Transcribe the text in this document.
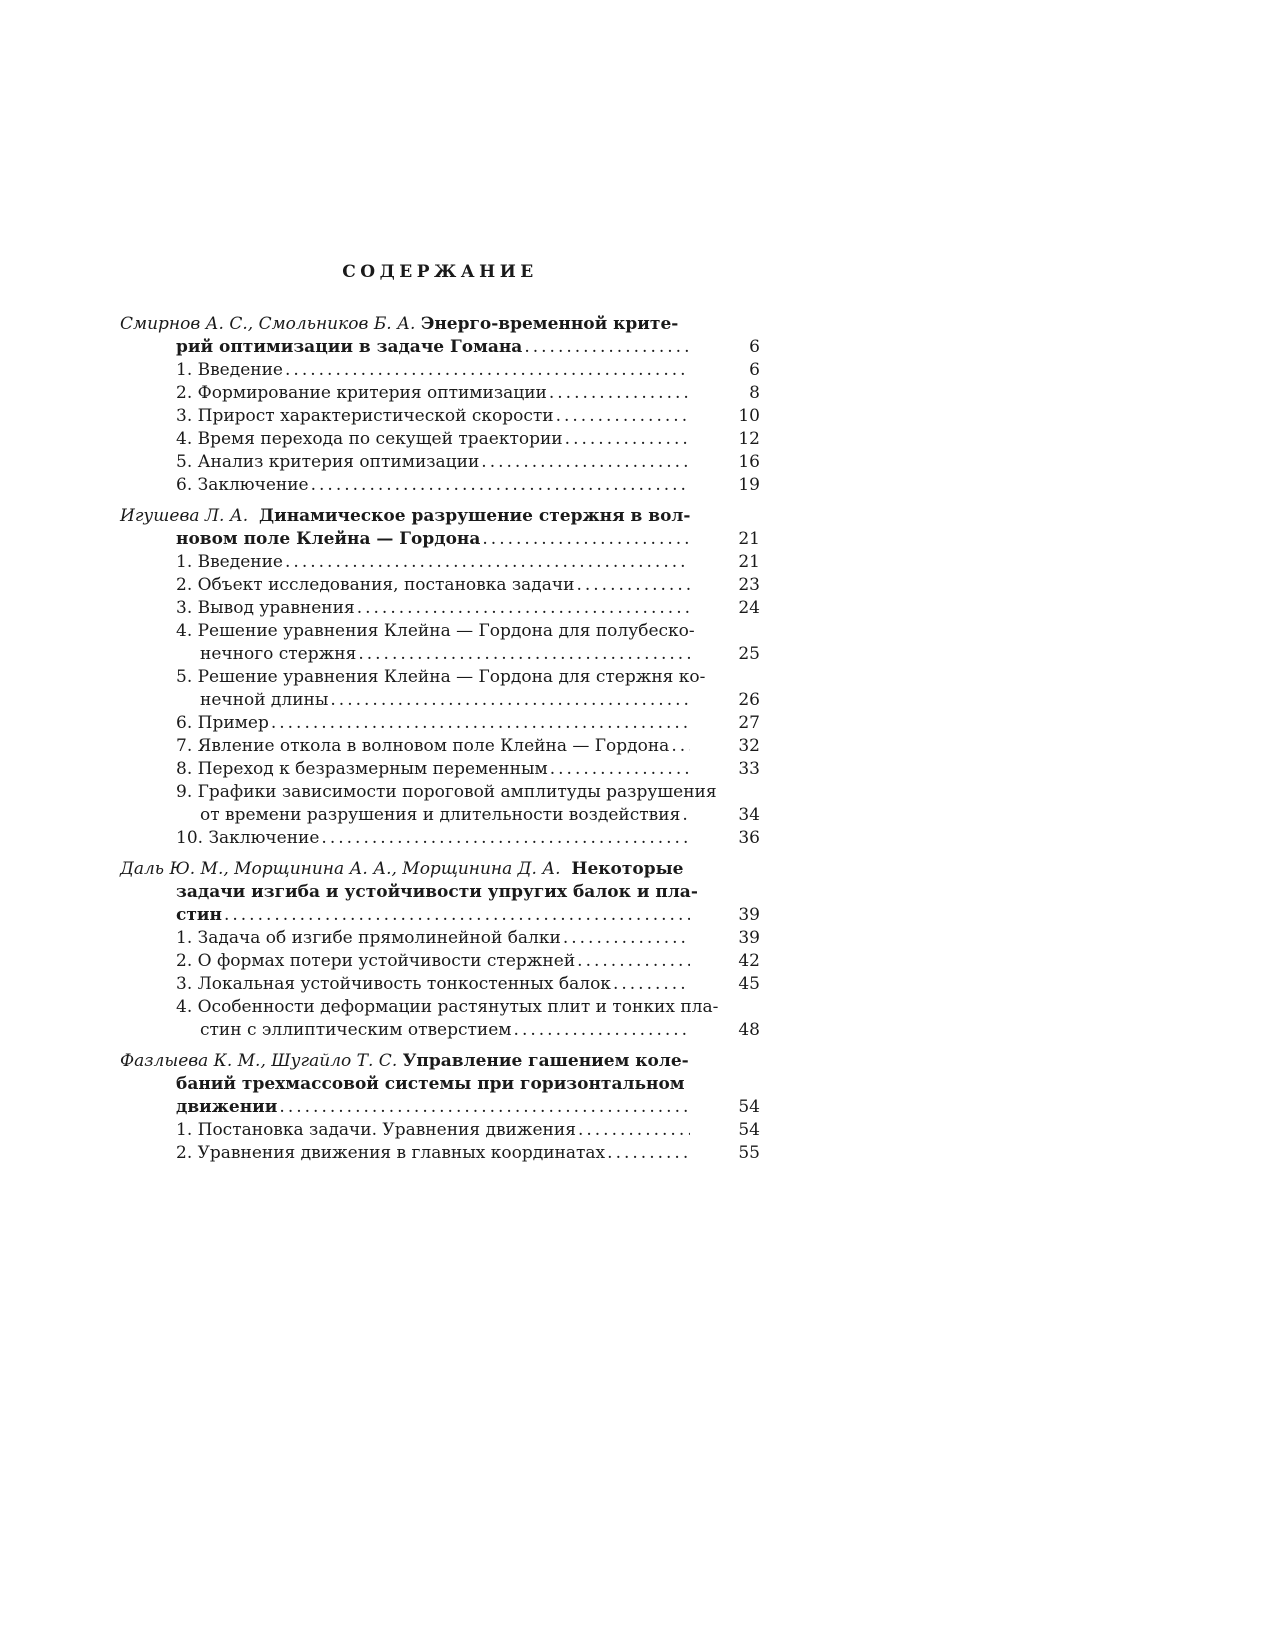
СОДЕРЖАНИЕ
Смирнов А. С., Смольников Б. А. Энерго-временной крите-
рий оптимизации в задаче Гомана . . .	6
1. Введение . . .	6
2. Формирование критерия оптимизации . . .	8
3. Прирост характеристической скорости . . .	10
4. Время перехода по секущей траектории . . .	12
5. Анализ критерия оптимизации . . .	16
6. Заключение . . .	19
Игушева Л. А. Динамическое разрушение стержня в вол-
новом поле Клейна — Гордона . . .	21
1. Введение . . .	21
2. Объект исследования, постановка задачи . . .	23
3. Вывод уравнения . . .	24
4. Решение уравнения Клейна — Гордона для полубеско-
нечного стержня . . .	25
5. Решение уравнения Клейна — Гордона для стержня ко-
нечной длины . . .	26
6. Пример . . .	27
7. Явление откола в волновом поле Клейна — Гордона . . .	32
8. Переход к безразмерным переменным . . .	33
9. Графики зависимости пороговой амплитуды разрушения
от времени разрушения и длительности воздействия . . .	34
10. Заключение . . .	36
Даль Ю. М., Морщинина А. А., Морщинина Д. А. Некоторые
задачи изгиба и устойчивости упругих балок и пла-
стин . . .	39
1. Задача об изгибе прямолинейной балки . . .	39
2. О формах потери устойчивости стержней . . .	42
3. Локальная устойчивость тонкостенных балок . . .	45
4. Особенности деформации растянутых плит и тонких пла-
стин с эллиптическим отверстием . . .	48
Фазлыева К. М., Шугайло Т. С. Управление гашением коле-
баний трехмассовой системы при горизонтальном
движении . . .	54
1. Постановка задачи. Уравнения движения . . .	54
2. Уравнения движения в главных координатах . . .	55
